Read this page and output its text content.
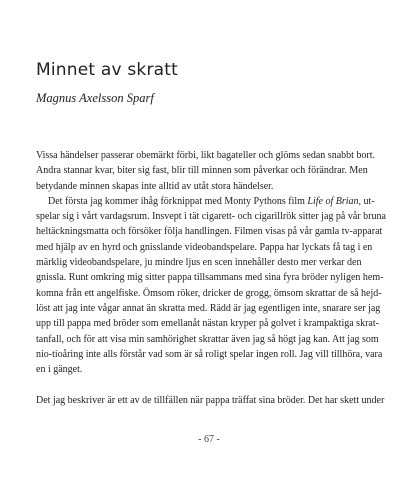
Minnet av skratt

Magnus Axelsson Sparf

Vissa händelser passerar obemärkt förbi, likt bagateller och glöms sedan snabbt bort.
Andra stannar kvar, biter sig fast, blir till minnen som påverkar och förändrar. Men
betydande minnen skapas inte alltid av utåt stora händelser.
Det första jag kommer ihåg förknippat med Monty Pythons film Life of Brian, ut-
spelar sig i vårt vardagsrum. Insvept i tät cigarett- och cigarillrök sitter jag på vår bruna
heltäckningsmatta och försöker följa handlingen. Filmen visas på vår gamla tv-apparat
med hjälp av en hyrd och gnisslande videobandspelare. Pappa har lyckats få tag i en
märklig videobandspelare, ju mindre ljus en scen innehåller desto mer verkar den
gnissla. Runt omkring mig sitter pappa tillsammans med sina fyra bröder nyligen hem-
komna från ett angelfiske. Ömsom röker, dricker de grogg, ömsom skrattar de så hejd-
löst att jag inte vågar annat än skratta med. Rädd är jag egentligen inte, snarare ser jag
upp till pappa med bröder som emellanåt nästan kryper på golvet i krampaktiga skrat-
tanfall, och för att visa min samhörighet skrattar även jag så högt jag kan. Att jag som
nio-tioåring inte alls förstår vad som är så roligt spelar ingen roll. Jag vill tillhöra, vara
en i gänget.
Det jag beskriver är ett av de tillfällen när pappa träffat sina bröder. Det har skett under
- 67 -
